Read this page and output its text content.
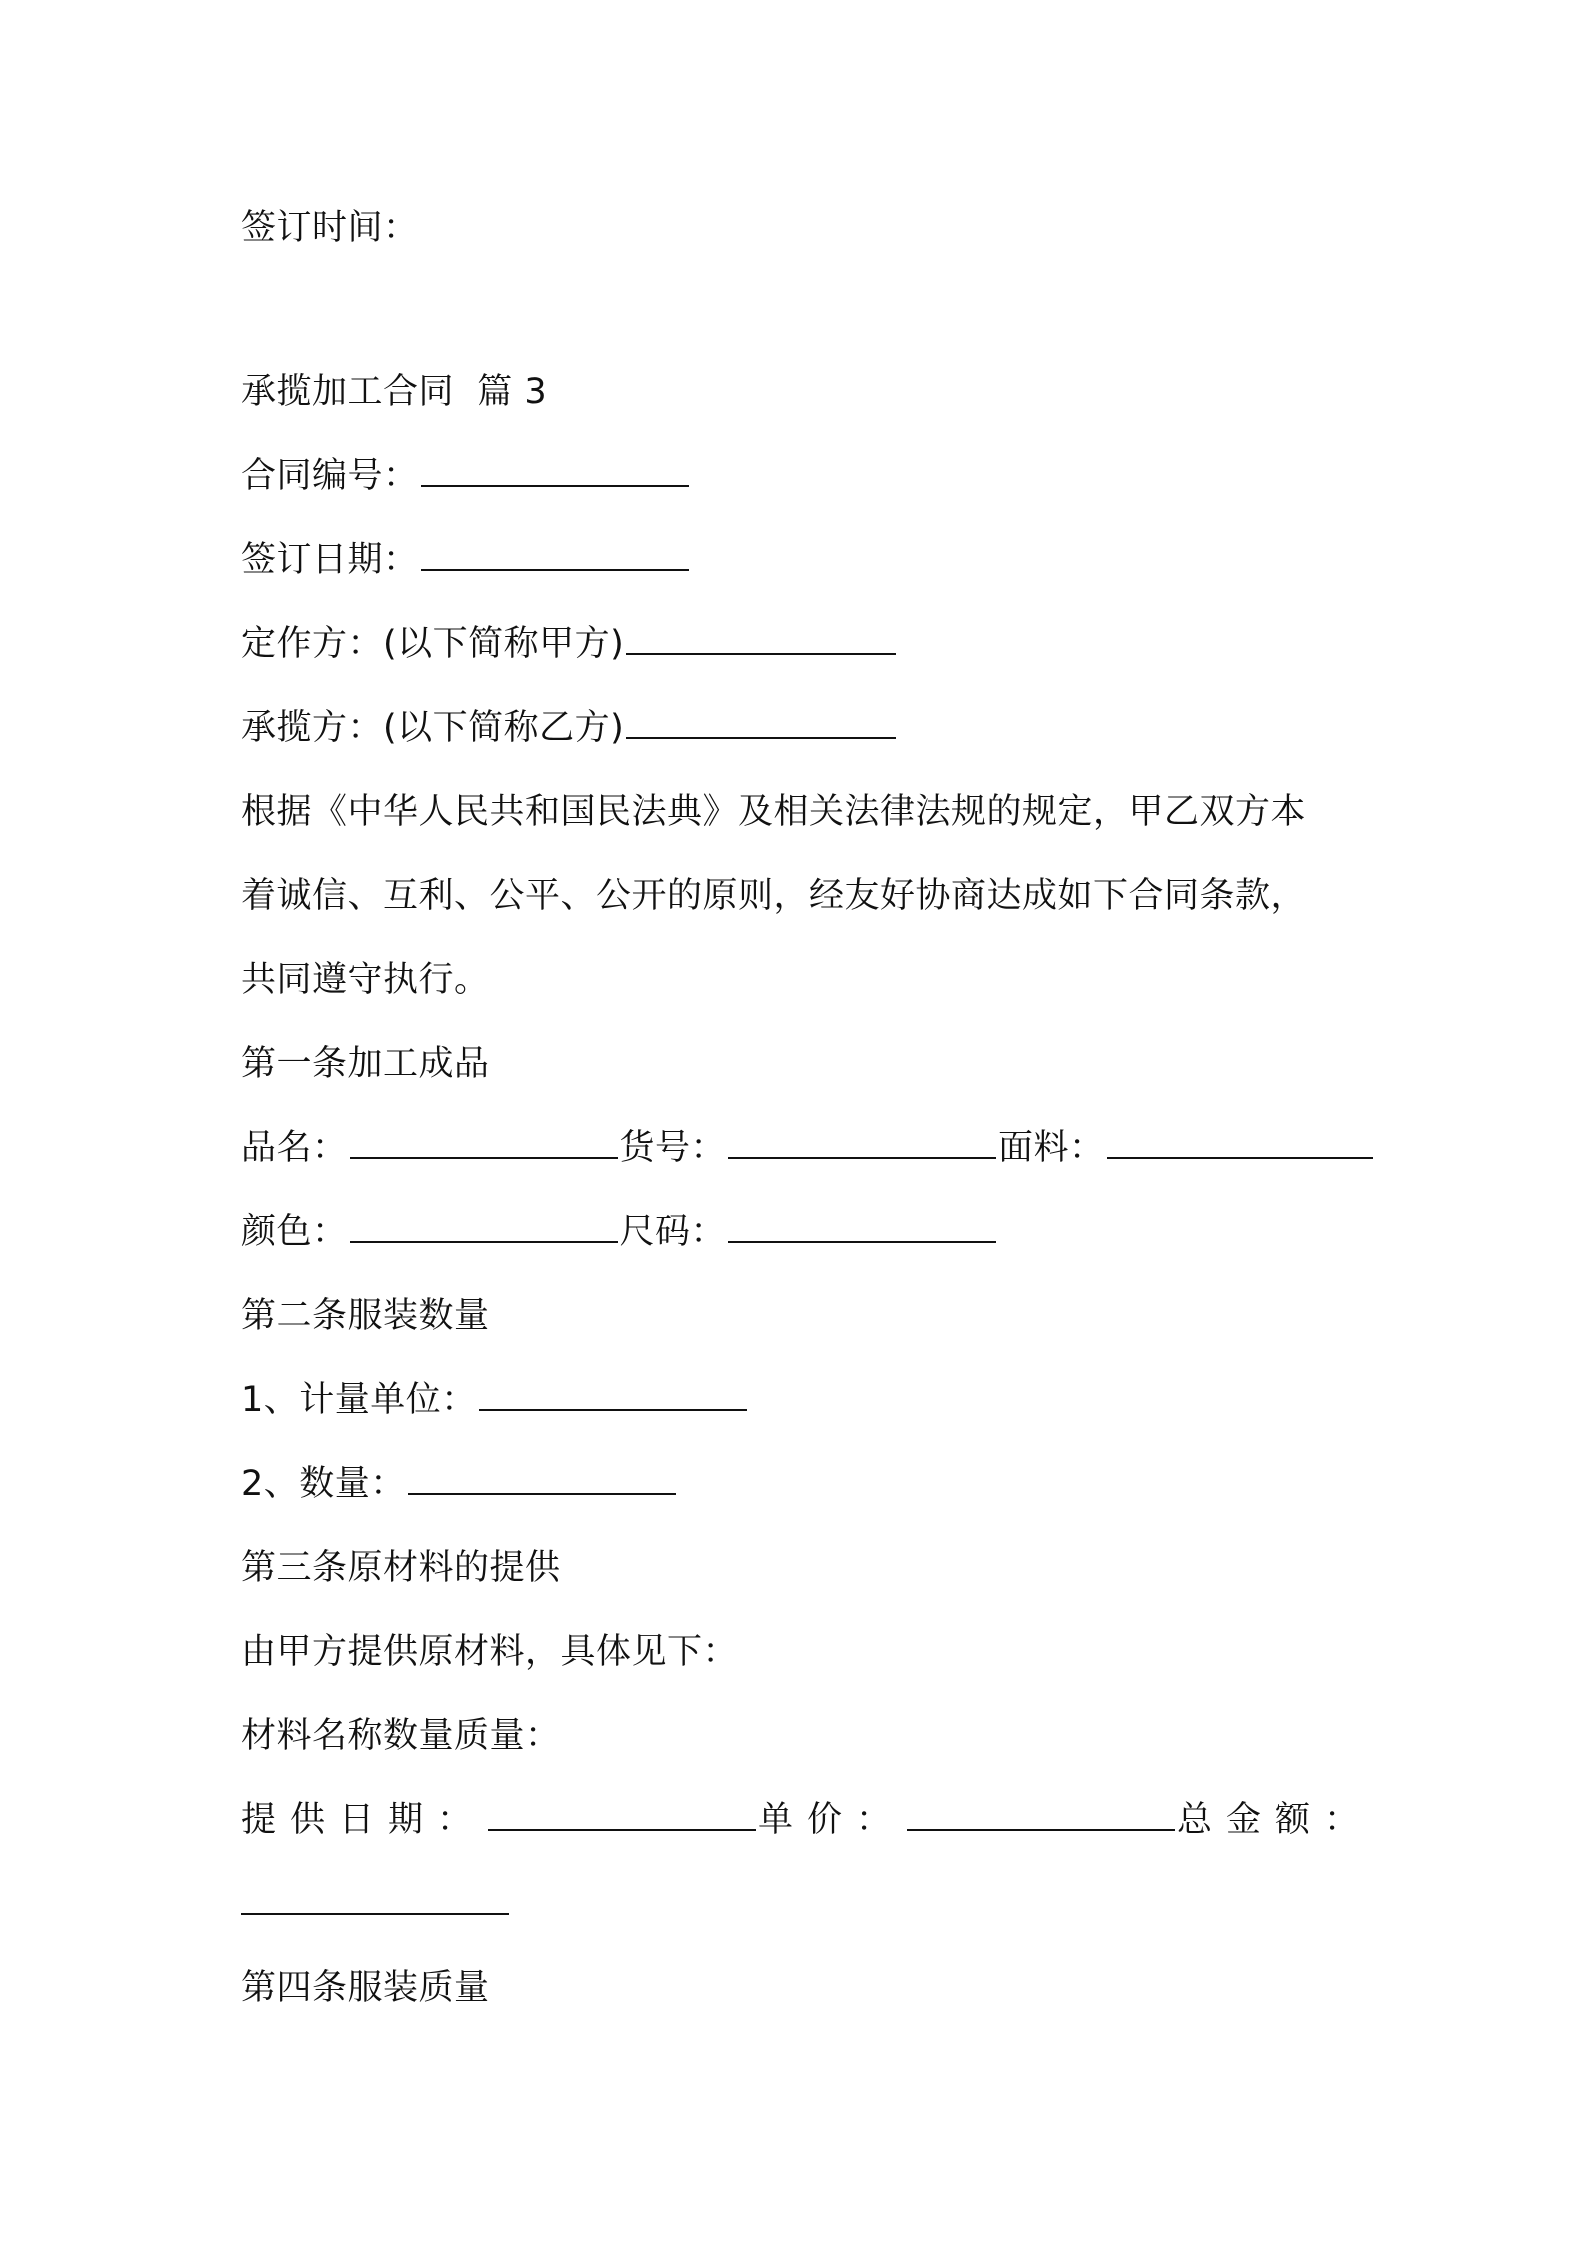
签订时间：
承揽加工合同  篇 3
合同编号：
签订日期：
定作方：(以下简称甲方)
承揽方：(以下简称乙方)
根据《中华人民共和国民法典》及相关法律法规的规定，甲乙双方本
着诚信、互利、公平、公开的原则，经友好协商达成如下合同条款，
共同遵守执行。
第一条加工成品
品名：	货号：	面料：
颜色：	尺码：
第二条服装数量
1、计量单位：
2、数量：
第三条原材料的提供
由甲方提供原材料，具体见下：
材料名称数量质量：
提供日期：	单价：	总金额：
第四条服装质量
